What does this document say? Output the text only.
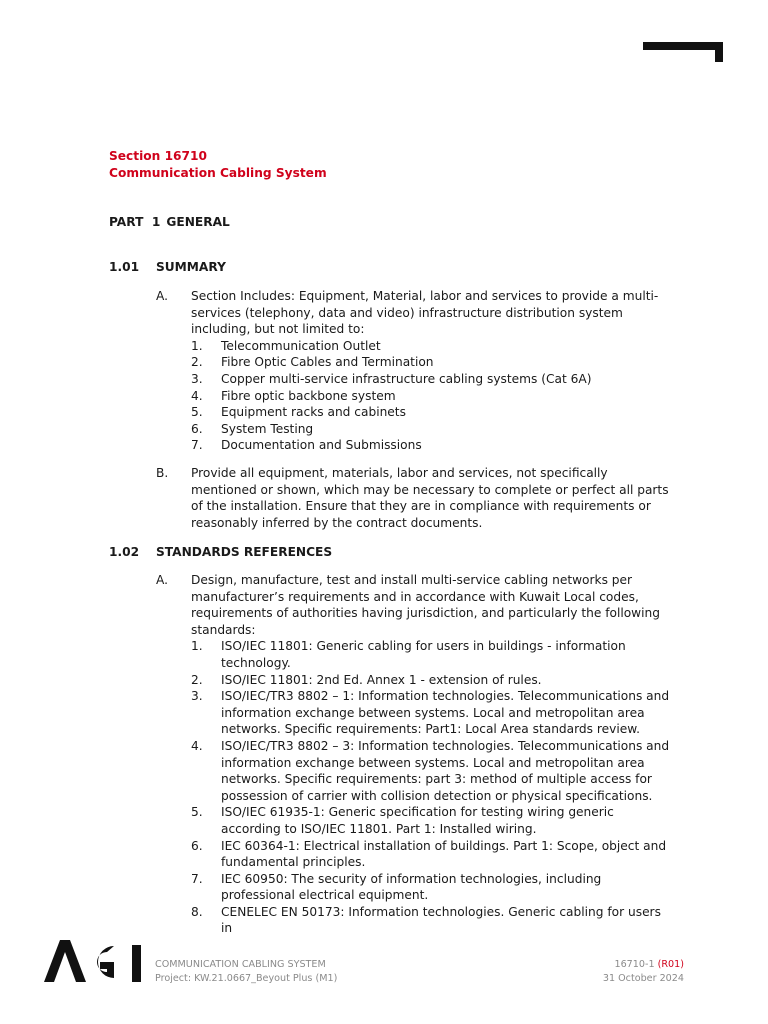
Section 16710
Communication Cabling System
PART  1 GENERAL
1.01 SUMMARY
A. Section Includes: Equipment, Material, labor and services to provide a multi-services (telephony, data and video) infrastructure distribution system including, but not limited to:
1. Telecommunication Outlet
2. Fibre Optic Cables and Termination
3. Copper multi-service infrastructure cabling systems (Cat 6A)
4. Fibre optic backbone system
5. Equipment racks and cabinets
6. System Testing
7. Documentation and Submissions
B. Provide all equipment, materials, labor and services, not specifically mentioned or shown, which may be necessary to complete or perfect all parts of the installation. Ensure that they are in compliance with requirements or reasonably inferred by the contract documents.
1.02 STANDARDS REFERENCES
A. Design, manufacture, test and install multi-service cabling networks per manufacturer’s requirements and in accordance with Kuwait Local codes, requirements of authorities having jurisdiction, and particularly the following standards:
1. ISO/IEC 11801: Generic cabling for users in buildings - information technology.
2. ISO/IEC 11801: 2nd Ed. Annex 1 - extension of rules.
3. ISO/IEC/TR3 8802 – 1: Information technologies. Telecommunications and information exchange between systems. Local and metropolitan area networks. Specific requirements: Part1: Local Area standards review.
4. ISO/IEC/TR3 8802 – 3: Information technologies. Telecommunications and information exchange between systems. Local and metropolitan area networks. Specific requirements: part 3: method of multiple access for possession of carrier with collision detection or physical specifications.
5. ISO/IEC 61935-1: Generic specification for testing wiring generic according to ISO/IEC 11801. Part 1: Installed wiring.
6. IEC 60364-1: Electrical installation of buildings. Part 1: Scope, object and fundamental principles.
7. IEC 60950: The security of information technologies, including professional electrical equipment.
8. CENELEC EN 50173: Information technologies. Generic cabling for users in
COMMUNICATION CABLING SYSTEM
Project: KW.21.0667_Beyout Plus (M1)
16710-1 (R01)
31 October 2024
